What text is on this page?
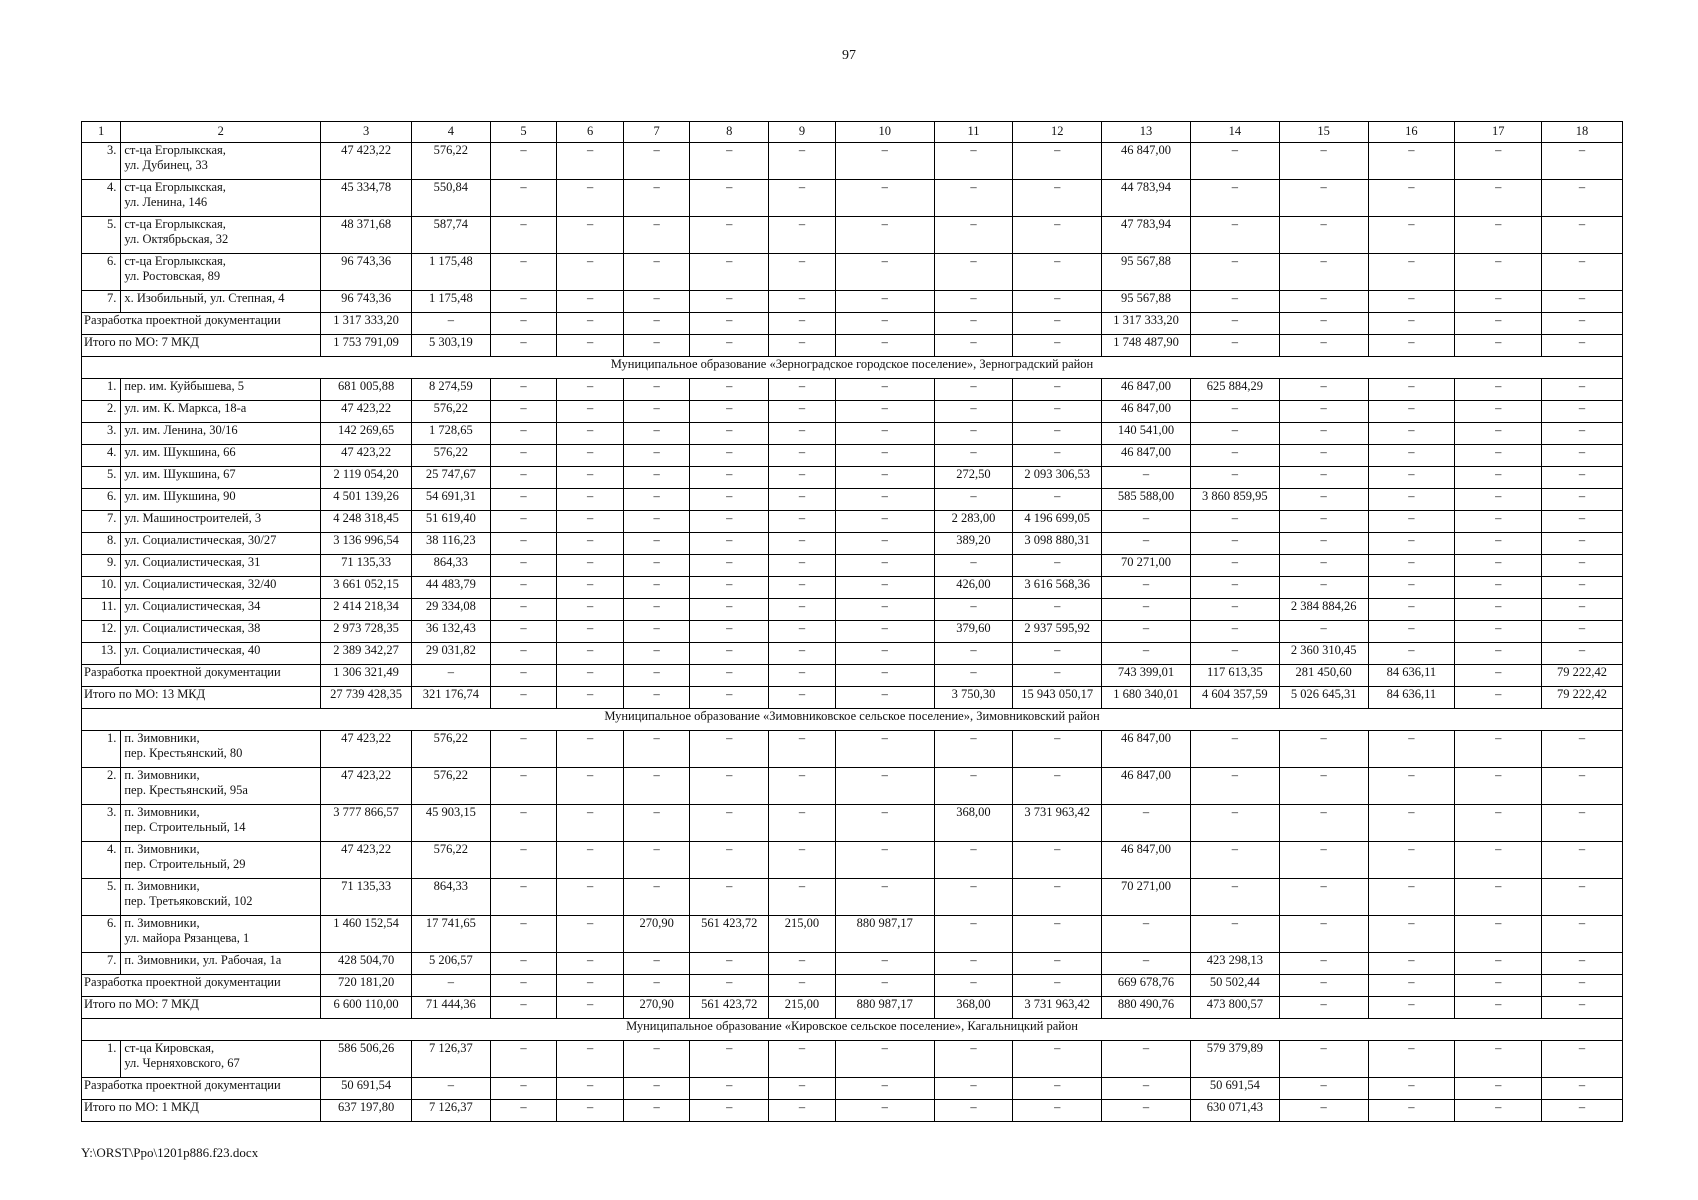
97
1	2	3	4	5	6	7	8	9	10	11	12	13	14	15	16	17	18
3.	ст-ца Егорлыкская,
ул. Дубинец, 33	47 423,22	576,22	–	–	–	–	–	–	–	–	46 847,00	–	–	–	–	–
4.	ст-ца Егорлыкская,
ул. Ленина, 146	45 334,78	550,84	–	–	–	–	–	–	–	–	44 783,94	–	–	–	–	–
5.	ст-ца Егорлыкская,
ул. Октябрьская, 32	48 371,68	587,74	–	–	–	–	–	–	–	–	47 783,94	–	–	–	–	–
6.	ст-ца Егорлыкская,
ул. Ростовская, 89	96 743,36	1 175,48	–	–	–	–	–	–	–	–	95 567,88	–	–	–	–	–
7.	х. Изобильный, ул. Степная, 4	96 743,36	1 175,48	–	–	–	–	–	–	–	–	95 567,88	–	–	–	–	–
Разработка проектной документации		1 317 333,20	–	–	–	–	–	–	–	–	–	1 317 333,20	–	–	–	–	–
Итого по МО: 7 МКД		1 753 791,09	5 303,19	–	–	–	–	–	–	–	–	1 748 487,90	–	–	–	–	–
Муниципальное образование «Зерноградское городское поселение», Зерноградский район																	
1.	пер. им. Куйбышева, 5	681 005,88	8 274,59	–	–	–	–	–	–	–	–	46 847,00	625 884,29	–	–	–	–
2.	ул. им. К. Маркса, 18-а	47 423,22	576,22	–	–	–	–	–	–	–	–	46 847,00	–	–	–	–	–
3.	ул. им. Ленина, 30/16	142 269,65	1 728,65	–	–	–	–	–	–	–	–	140 541,00	–	–	–	–	–
4.	ул. им. Шукшина, 66	47 423,22	576,22	–	–	–	–	–	–	–	–	46 847,00	–	–	–	–	–
5.	ул. им. Шукшина, 67	2 119 054,20	25 747,67	–	–	–	–	–	–	272,50	2 093 306,53	–	–	–	–	–	–
6.	ул. им. Шукшина, 90	4 501 139,26	54 691,31	–	–	–	–	–	–	–	–	585 588,00	3 860 859,95	–	–	–	–
7.	ул. Машиностроителей, 3	4 248 318,45	51 619,40	–	–	–	–	–	–	2 283,00	4 196 699,05	–	–	–	–	–	–
8.	ул. Социалистическая, 30/27	3 136 996,54	38 116,23	–	–	–	–	–	–	389,20	3 098 880,31	–	–	–	–	–	–
9.	ул. Социалистическая, 31	71 135,33	864,33	–	–	–	–	–	–	–	–	70 271,00	–	–	–	–	–
10.	ул. Социалистическая, 32/40	3 661 052,15	44 483,79	–	–	–	–	–	–	426,00	3 616 568,36	–	–	–	–	–	–
11.	ул. Социалистическая, 34	2 414 218,34	29 334,08	–	–	–	–	–	–	–	–	–	–	2 384 884,26	–	–	–
12.	ул. Социалистическая, 38	2 973 728,35	36 132,43	–	–	–	–	–	–	379,60	2 937 595,92	–	–	–	–	–	–
13.	ул. Социалистическая, 40	2 389 342,27	29 031,82	–	–	–	–	–	–	–	–	–	–	2 360 310,45	–	–	–
Разработка проектной документации		1 306 321,49	–	–	–	–	–	–	–	–	–	743 399,01	117 613,35	281 450,60	84 636,11	–	79 222,42
Итого по МО: 13 МКД		27 739 428,35	321 176,74	–	–	–	–	–	–	3 750,30	15 943 050,17	1 680 340,01	4 604 357,59	5 026 645,31	84 636,11	–	79 222,42
Муниципальное образование «Зимовниковское сельское поселение», Зимовниковский район																	
1.	п. Зимовники,
пер. Крестьянский, 80	47 423,22	576,22	–	–	–	–	–	–	–	–	46 847,00	–	–	–	–	–
2.	п. Зимовники,
пер. Крестьянский, 95а	47 423,22	576,22	–	–	–	–	–	–	–	–	46 847,00	–	–	–	–	–
3.	п. Зимовники,
пер. Строительный, 14	3 777 866,57	45 903,15	–	–	–	–	–	–	368,00	3 731 963,42	–	–	–	–	–	–
4.	п. Зимовники,
пер. Строительный, 29	47 423,22	576,22	–	–	–	–	–	–	–	–	46 847,00	–	–	–	–	–
5.	п. Зимовники,
пер. Третьяковский, 102	71 135,33	864,33	–	–	–	–	–	–	–	–	70 271,00	–	–	–	–	–
6.	п. Зимовники,
ул. майора Рязанцева, 1	1 460 152,54	17 741,65	–	–	270,90	561 423,72	215,00	880 987,17	–	–	–	–	–	–	–	–
7.	п. Зимовники, ул. Рабочая, 1а	428 504,70	5 206,57	–	–	–	–	–	–	–	–	–	423 298,13	–	–	–	–
Разработка проектной документации		720 181,20	–	–	–	–	–	–	–	–	–	669 678,76	50 502,44	–	–	–	–
Итого по МО: 7 МКД		6 600 110,00	71 444,36	–	–	270,90	561 423,72	215,00	880 987,17	368,00	3 731 963,42	880 490,76	473 800,57	–	–	–	–
Муниципальное образование «Кировское сельское поселение», Кагальницкий район																	
1.	ст-ца Кировская,
ул. Черняховского, 67	586 506,26	7 126,37	–	–	–	–	–	–	–	–	–	579 379,89	–	–	–	–
Разработка проектной документации		50 691,54	–	–	–	–	–	–	–	–	–	–	50 691,54	–	–	–	–
Итого по МО: 1 МКД		637 197,80	7 126,37	–	–	–	–	–	–	–	–	–	630 071,43	–	–	–	–
Y:\ORST\Ppo\1201p886.f23.docx
